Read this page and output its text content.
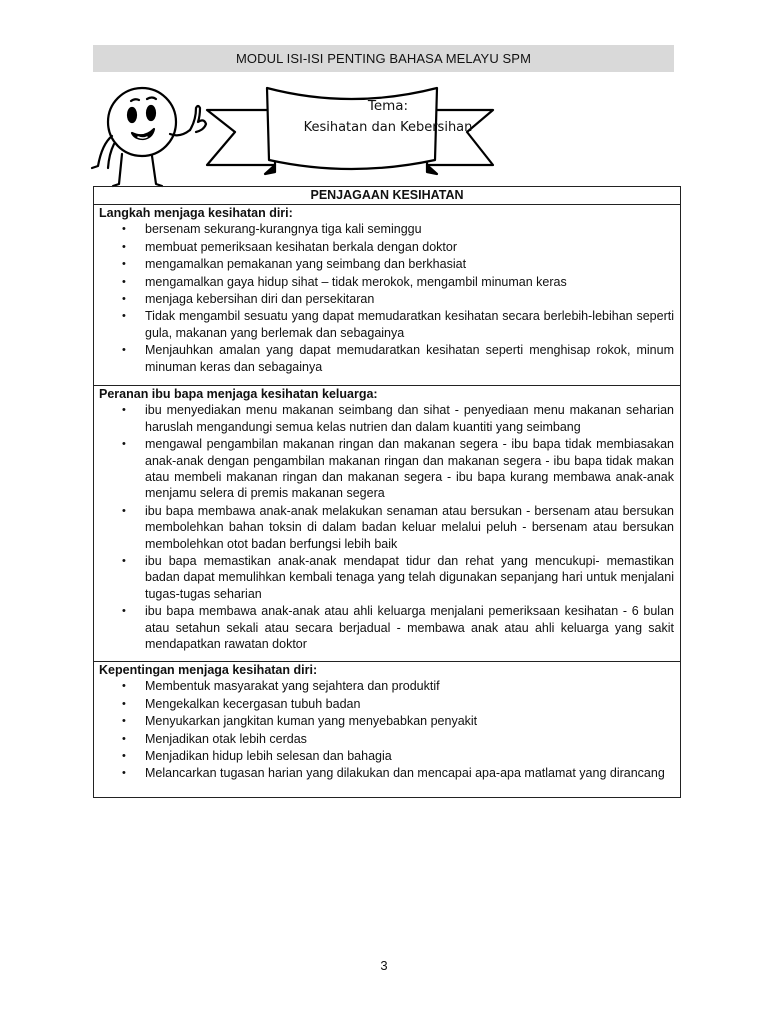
MODUL ISI-ISI PENTING BAHASA MELAYU SPM
Tema:
Kesihatan dan Kebersihan
PENJAGAAN KESIHATAN
Langkah menjaga kesihatan diri:
• bersenam sekurang-kurangnya tiga kali seminggu
• membuat pemeriksaan kesihatan berkala dengan doktor
• mengamalkan pemakanan yang seimbang dan berkhasiat
• mengamalkan gaya hidup sihat – tidak merokok, mengambil minuman keras
• menjaga kebersihan diri dan persekitaran
• Tidak mengambil sesuatu yang dapat memudaratkan kesihatan secara berlebih-lebihan seperti gula, makanan yang berlemak dan sebagainya
• Menjauhkan amalan yang dapat memudaratkan kesihatan seperti menghisap rokok, minum minuman keras dan sebagainya
Peranan ibu bapa menjaga kesihatan keluarga:
• ibu menyediakan menu makanan seimbang dan sihat - penyediaan menu makanan seharian haruslah mengandungi semua kelas nutrien dan dalam kuantiti yang seimbang
• mengawal pengambilan makanan ringan dan makanan segera - ibu bapa tidak membiasakan anak-anak dengan pengambilan makanan ringan dan makanan segera - ibu bapa tidak makan atau membeli makanan ringan dan makanan segera - ibu bapa kurang membawa anak-anak menjamu selera di premis makanan segera
• ibu bapa membawa anak-anak melakukan senaman atau bersukan - bersenam atau bersukan membolehkan bahan toksin di dalam badan keluar melalui peluh - bersenam atau bersukan membolehkan otot badan berfungsi lebih baik
• ibu bapa memastikan anak-anak mendapat tidur dan rehat yang mencukupi- memastikan badan dapat memulihkan kembali tenaga yang telah digunakan sepanjang hari untuk menjalani tugas-tugas seharian
• ibu bapa membawa anak-anak atau ahli keluarga menjalani pemeriksaan kesihatan - 6 bulan atau setahun sekali atau secara berjadual - membawa anak atau ahli keluarga yang sakit mendapatkan rawatan doktor
Kepentingan menjaga kesihatan diri:
• Membentuk masyarakat yang sejahtera dan produktif
• Mengekalkan kecergasan tubuh badan
• Menyukarkan jangkitan kuman yang menyebabkan penyakit
• Menjadikan otak lebih cerdas
• Menjadikan hidup lebih selesan dan bahagia
• Melancarkan tugasan harian yang dilakukan dan mencapai apa-apa matlamat yang dirancang
3
